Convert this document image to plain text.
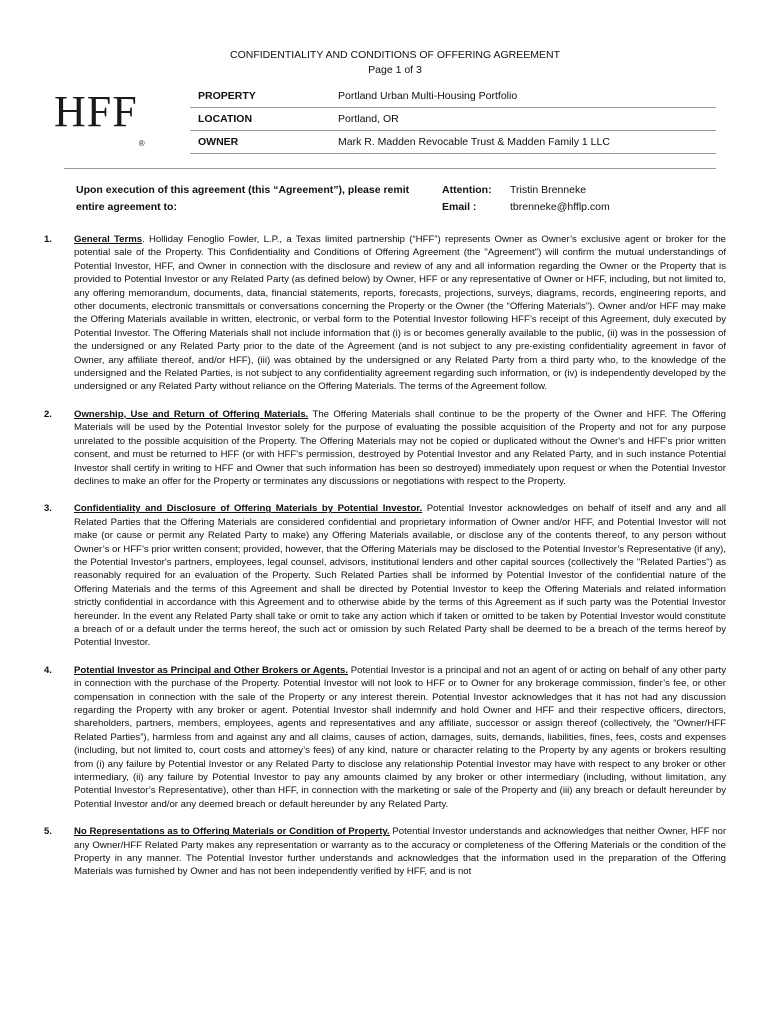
CONFIDENTIALITY AND CONDITIONS OF OFFERING AGREEMENT
Page 1 of 3
HFF®
PROPERTY	Portland Urban Multi-Housing Portfolio
LOCATION	Portland, OR
OWNER	Mark R. Madden Revocable Trust & Madden Family 1 LLC
Upon execution of this agreement (this “Agreement”), please remit entire agreement to:
Attention:	Tristin Brenneke
Email :	tbrenneke@hfflp.com
1.	General Terms. Holliday Fenoglio Fowler, L.P., a Texas limited partnership (“HFF”) represents Owner as Owner’s exclusive agent or broker for the potential sale of the Property. This Confidentiality and Conditions of Offering Agreement (the "Agreement") will confirm the mutual understandings of Potential Investor, HFF, and Owner in connection with the disclosure and review of any and all information regarding the Owner or the Property that is provided to Potential Investor or any Related Party (as defined below) by Owner, HFF or any representative of Owner or HFF, including, but not limited to, any offering memorandum, documents, data, financial statements, reports, forecasts, projections, surveys, diagrams, records, engineering reports, and other documents, electronic transmittals or conversations concerning the Property or the Owner (the “Offering Materials”). Owner and/or HFF may make the Offering Materials available in written, electronic, or verbal form to the Potential Investor following HFF’s receipt of this Agreement, duly executed by Potential Investor. The Offering Materials shall not include information that (i) is or becomes generally available to the public, (ii) was in the possession of the undersigned or any Related Party prior to the date of the Agreement (and is not subject to any pre-existing confidentiality agreement in favor of Owner, any affiliate thereof, and/or HFF), (iii) was obtained by the undersigned or any Related Party from a third party who, to the knowledge of the undersigned and the Related Parties, is not subject to any confidentiality agreement regarding such information, or (iv) is independently developed by the undersigned or any Related Party without reliance on the Offering Materials. The terms of the Agreement follow.
2.	Ownership, Use and Return of Offering Materials. The Offering Materials shall continue to be the property of the Owner and HFF. The Offering Materials will be used by the Potential Investor solely for the purpose of evaluating the possible acquisition of the Property and not for any purpose unrelated to the possible acquisition of the Property. The Offering Materials may not be copied or duplicated without the Owner's and HFF's prior written consent, and must be returned to HFF (or with HFF's permission, destroyed by Potential Investor and any Related Party, and in such instance Potential Investor shall certify in writing to HFF and Owner that such information has been so destroyed) immediately upon request or when the Potential Investor declines to make an offer for the Property or terminates any discussions or negotiations with respect to the Property.
3.	Confidentiality and Disclosure of Offering Materials by Potential Investor. Potential Investor acknowledges on behalf of itself and any and all Related Parties that the Offering Materials are considered confidential and proprietary information of Owner and/or HFF, and Potential Investor will not make (or cause or permit any Related Party to make) any Offering Materials available, or disclose any of the contents thereof, to any person without Owner’s or HFF’s prior written consent; provided, however, that the Offering Materials may be disclosed to the Potential Investor’s Representative (if any), the Potential Investor's partners, employees, legal counsel, advisors, institutional lenders and other capital sources (collectively the "Related Parties") as reasonably required for an evaluation of the Property. Such Related Parties shall be informed by Potential Investor of the confidential nature of the Offering Materials and the terms of this Agreement and shall be directed by Potential Investor to keep the Offering Materials and related information strictly confidential in accordance with this Agreement and to otherwise abide by the terms of this Agreement as if such party was the Potential Investor hereunder. In the event any Related Party shall take or omit to take any action which if taken or omitted to be taken by Potential Investor would constitute a breach of or a default under the terms hereof, the such act or omission by such Related Party shall be deemed to be a breach of the terms hereof by Potential Investor.
4.	Potential Investor as Principal and Other Brokers or Agents. Potential Investor is a principal and not an agent of or acting on behalf of any other party in connection with the purchase of the Property. Potential Investor will not look to HFF or to Owner for any brokerage commission, finder’s fee, or other compensation in connection with the sale of the Property or any interest therein. Potential Investor acknowledges that it has not had any discussion regarding the Property with any broker or agent. Potential Investor shall indemnify and hold Owner and HFF and their respective officers, directors, shareholders, partners, members, employees, agents and representatives and any affiliate, successor or assign thereof (collectively, the “Owner/HFF Related Parties”), harmless from and against any and all claims, causes of action, damages, suits, demands, liabilities, fines, fees, costs and expenses (including, but not limited to, court costs and attorney’s fees) of any kind, nature or character relating to the Property by any agents or brokers resulting from (i) any failure by Potential Investor or any Related Party to disclose any relationship Potential Investor may have with respect to any broker or other intermediary, (ii) any failure by Potential Investor to pay any amounts claimed by any broker or other intermediary (including, without limitation, any Potential Investor’s Representative), other than HFF, in connection with the marketing or sale of the Property and (iii) any breach or default hereunder by Potential Investor and/or any deemed breach or default hereunder by any Related Party.
5.	No Representations as to Offering Materials or Condition of Property. Potential Investor understands and acknowledges that neither Owner, HFF nor any Owner/HFF Related Party makes any representation or warranty as to the accuracy or completeness of the Offering Materials or the condition of the Property in any manner. The Potential Investor further understands and acknowledges that the information used in the preparation of the Offering Materials was furnished by Owner and has not been independently verified by HFF, and is not
